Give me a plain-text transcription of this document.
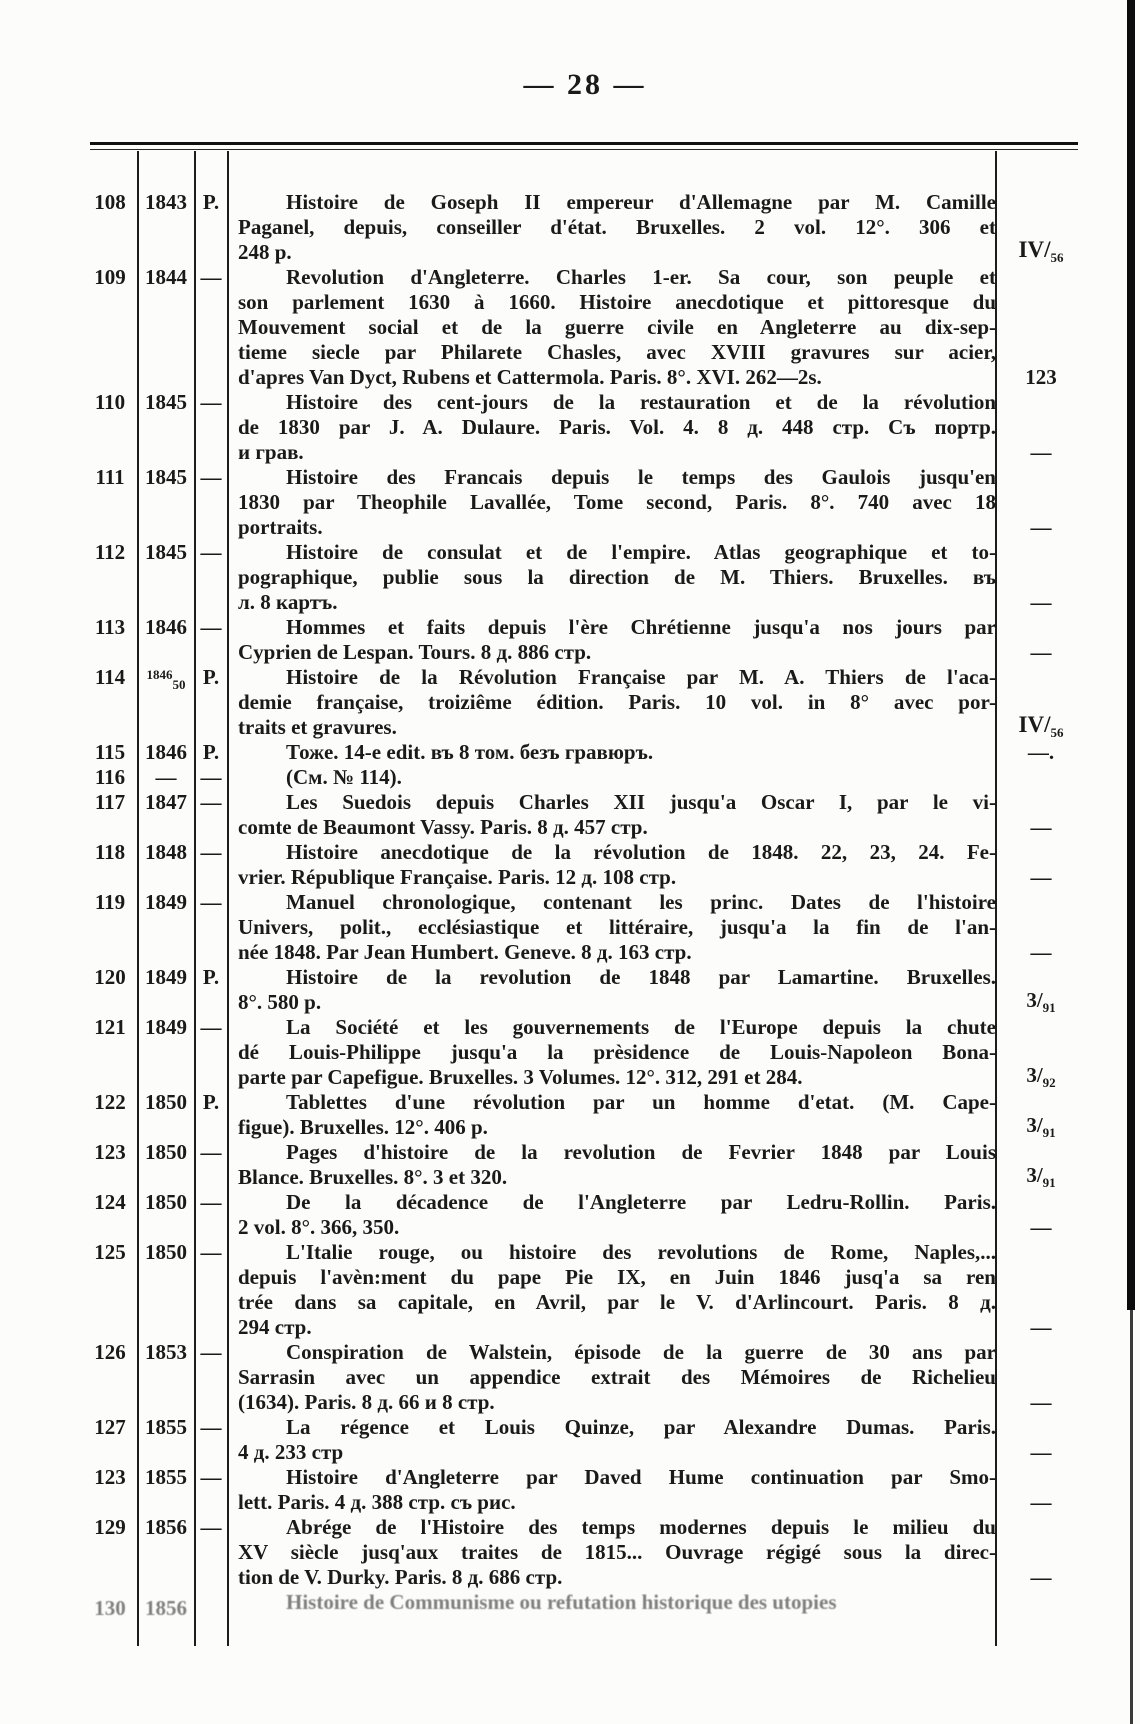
— 28 —
108 1843 P.	Histoire de Goseph II empereur d'Allemagne par M. Camille
Paganel, depuis, conseiller d'état. Bruxelles. 2 vol. 12°. 306 et
248 p.	$IV/_{56}$
109 1844 —	Revolution d'Angleterre. Charles 1-er. Sa cour, son peuple et
son parlement 1630 à 1660. Histoire anecdotique et pittoresque du
Mouvement social et de la guerre civile en Angleterre au dix-sep-
tieme siecle par Philarete Chasles, avec XVIII gravures sur acier,
d'apres Van Dyct, Rubens et Cattermola. Paris. 8°. XVI. 262—2s.	123
110 1845 —	Histoire des cent-jours de la restauration et de la révolution
de 1830 par J. A. Dulaure. Paris. Vol. 4. 8 д. 448 стр. Съ портр.
и грав.	—
111 1845 —	Histoire des Francais depuis le temps des Gaulois jusqu'en
1830 par Theophile Lavallée, Tome second, Paris. 8°. 740 avec 18
portraits.	—
112 1845 —	Histoire de consulat et de l'empire. Atlas geographique et to-
pographique, publie sous la direction de M. Thiers. Bruxelles. въ
л. 8 картъ.	—
113 1846 —	Hommes et faits depuis l'ère Chrétienne jusqu'a nos jours par
Cyprien de Lespan. Tours. 8 д. 886 стр.	—
114	$^{1846}_{50}$ P.	Histoire de la Révolution Française par M. A. Thiers de l'aca-
demie française, troiziême édition. Paris. 10 vol. in 8° avec por-
traits et gravures.	$IV/_{56}$
115 1846 P.	Тоже. 14-е edit. въ 8 том. безъ гравюръ.	—.
116	—	—	(См. № 114).
117 1847 —	Les Suedois depuis Charles XII jusqu'a Oscar I, par le vi-
comte de Beaumont Vassy. Paris. 8 д. 457 стр.	—
118 1848 —	Histoire anecdotique de la révolution de 1848. 22, 23, 24. Fe-
vrier. République Française. Paris. 12 д. 108 стр.	—
119 1849 —	Manuel chronologique, contenant les princ. Dates de l'histoire
Univers, polit., ecclésiastique et littéraire, jusqu'a la fin de l'an-
née 1848. Par Jean Humbert. Geneve. 8 д. 163 стр.	—
120 1849 P.	Histoire de la revolution de 1848 par Lamartine. Bruxelles.
8°. 580 p.	$3/_{91}$
121 1849 —	La Société et les gouvernements de l'Europe depuis la chute
dé Louis-Philippe jusqu'a la prèsidence de Louis-Napoleon Bona-
parte par Capefigue. Bruxelles. 3 Volumes. 12°. 312, 291 et 284.	$3/_{92}$
122 1850 P.	Tablettes d'une révolution par un homme d'etat. (M. Cape-
figue). Bruxelles. 12°. 406 p.	$3/_{91}$
123 1850 —	Pages d'histoire de la revolution de Fevrier 1848 par Louis
Blance. Bruxelles. 8°. 3 et 320.	$3/_{91}$
124 1850 —	De la décadence de l'Angleterre par Ledru-Rollin. Paris.
2 vol. 8°. 366, 350.	—
125 1850 —	L'Italie rouge, ou histoire des revolutions de Rome, Naples,...
depuis l'avèn:ment du pape Pie IX, en Juin 1846 jusq'a sa ren
trée dans sa capitale, en Avril, par le V. d'Arlincourt. Paris. 8 д.
294 стр.	—
126 1853 —	Conspiration de Walstein, épisode de la guerre de 30 ans par
Sarrasin avec un appendice extrait des Mémoires de Richelieu
(1634). Paris. 8 д. 66 и 8 стр.	—
127 1855 —	La régence et Louis Quinze, par Alexandre Dumas. Paris.
4 д. 233 стр	—
123 1855 —	Histoire d'Angleterre par Daved Hume continuation par Smo-
lett. Paris. 4 д. 388 стр. съ рис.	—
129 1856 —	Abrége de l'Histoire des temps modernes depuis le milieu du
XV siècle jusq'aux traites de 1815... Ouvrage régigé sous la direc-
tion de V. Durky. Paris. 8 д. 686 стр.	—
130 1856	Histoire de Communisme ou refutation historique des utopies
